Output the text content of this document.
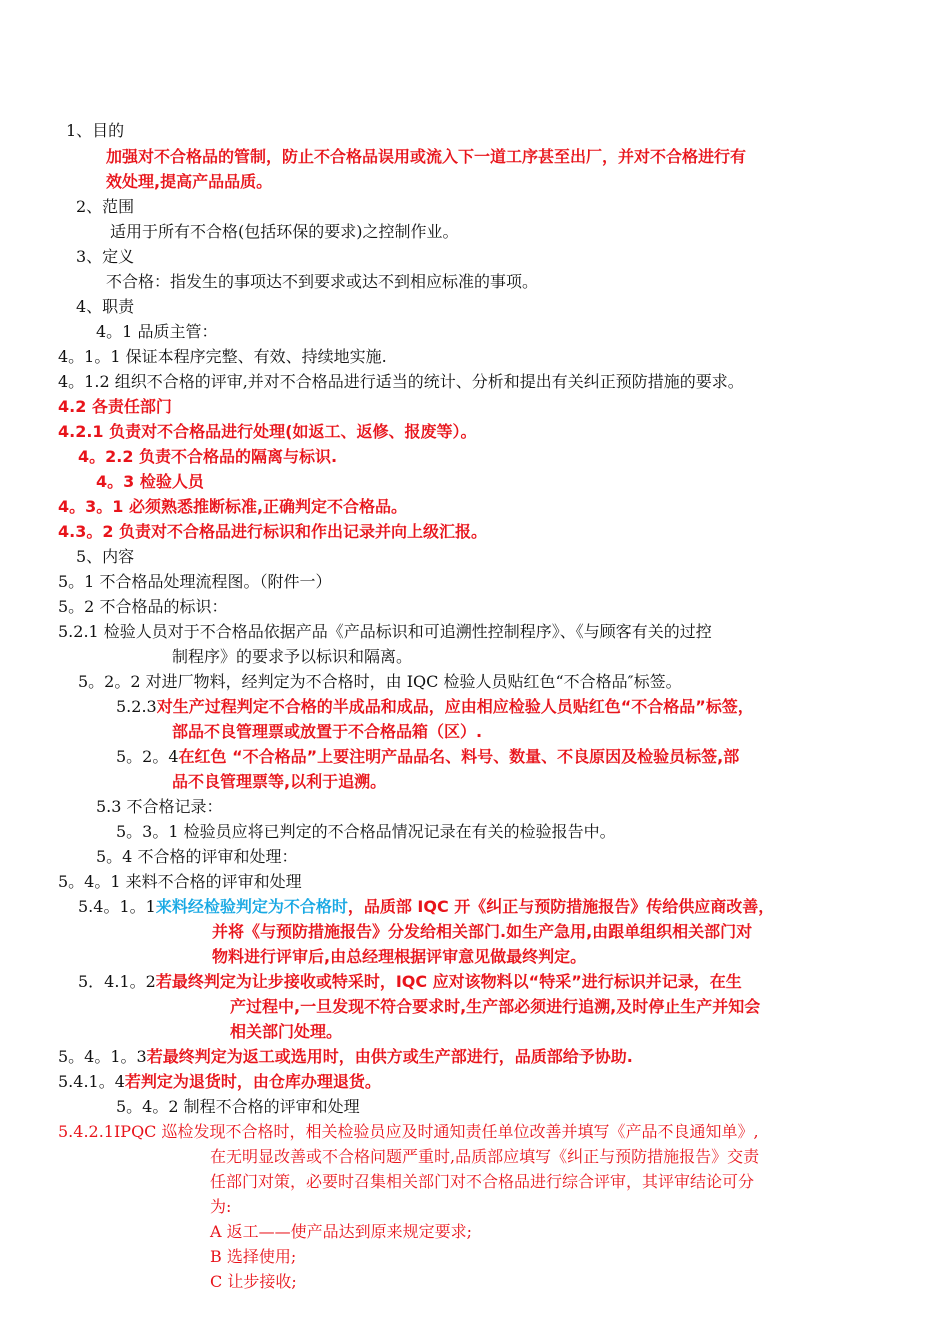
1、目的
加强对不合格品的管制，防止不合格品误用或流入下一道工序甚至出厂，并对不合格进行有
效处理,提高产品品质。
2、范围
适用于所有不合格(包括环保的要求)之控制作业。
3、定义
不合格：指发生的事项达不到要求或达不到相应标准的事项。
4、职责
4。1 品质主管：
4。1。1 保证本程序完整、有效、持续地实施.
4。1.2 组织不合格的评审,并对不合格品进行适当的统计、分析和提出有关纠正预防措施的要求。
4.2 各责任部门
4.2.1 负责对不合格品进行处理(如返工、返修、报废等）。
4。2.2 负责不合格品的隔离与标识.
4。3 检验人员
4。3。1 必须熟悉推断标准,正确判定不合格品。
4.3。2 负责对不合格品进行标识和作出记录并向上级汇报。
5、内容
5。1 不合格品处理流程图。（附件一）
5。2 不合格品的标识：
5.2.1 检验人员对于不合格品依据产品《产品标识和可追溯性控制程序》、《与顾客有关的过控
制程序》的要求予以标识和隔离。
5。2。2 对进厂物料，经判定为不合格时，由 IQC 检验人员贴红色“不合格品″标签。
5.2.3对生产过程判定不合格的半成品和成品，应由相应检验人员贴红色“不合格品”标签，
部品不良管理票或放置于不合格品箱（区）.
5。2。4在红色 “不合格品”上要注明产品品名、料号、数量、不良原因及检验员标签,部
品不良管理票等,以利于追溯。
5.3 不合格记录：
5。3。1 检验员应将已判定的不合格品情况记录在有关的检验报告中。
5。4 不合格的评审和处理：
5。4。1 来料不合格的评审和处理
5.4。1。1来料经检验判定为不合格时，品质部 IQC 开《纠正与预防措施报告》传给供应商改善，
并将《与预防措施报告》分发给相关部门.如生产急用,由跟单组织相关部门对
物料进行评审后,由总经理根据评审意见做最终判定。
5．4.1。2若最终判定为让步接收或特采时，IQC 应对该物料以“特采”进行标识并记录，在生
产过程中,一旦发现不符合要求时,生产部必须进行追溯,及时停止生产并知会
相关部门处理。
5。4。1。3若最终判定为返工或选用时，由供方或生产部进行，品质部给予协助.
5.4.1。4若判定为退货时，由仓库办理退货。
5。4。2 制程不合格的评审和处理
5.4.2.1IPQC 巡检发现不合格时，相关检验员应及时通知责任单位改善并填写《产品不良通知单》,
在无明显改善或不合格问题严重时,品质部应填写《纠正与预防措施报告》交责
任部门对策，必要时召集相关部门对不合格品进行综合评审，其评审结论可分
为:
A 返工——使产品达到原来规定要求;
B 选择使用;
C 让步接收;
